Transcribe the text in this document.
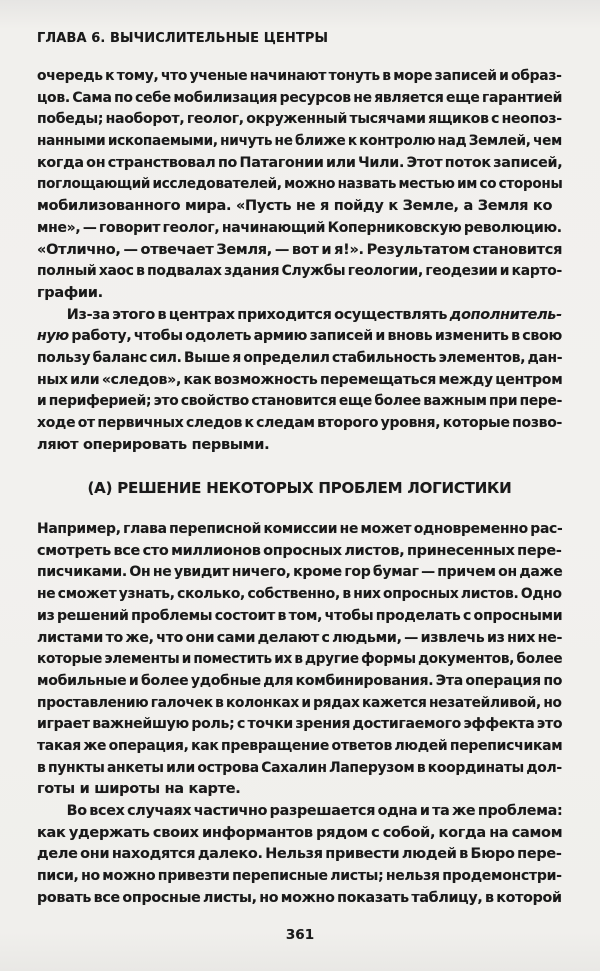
ГЛАВА 6. ВЫЧИСЛИТЕЛЬНЫЕ ЦЕНТРЫ
очередь к тому, что ученые начинают тонуть в море записей и образ-
цов. Сама по себе мобилизация ресурсов не является еще гарантией
победы; наоборот, геолог, окруженный тысячами ящиков с неопоз-
нанными ископаемыми, ничуть не ближе к контролю над Землей, чем
когда он странствовал по Патагонии или Чили. Этот поток записей,
поглощающий исследователей, можно назвать местью им со стороны
мобилизованного мира. «Пусть не я пойду к Земле, а Земля ко
мне», — говорит геолог, начинающий Коперниковскую революцию.
«Отлично, — отвечает Земля, — вот и я!». Результатом становится
полный хаос в подвалах здания Службы геологии, геодезии и карто-
графии.
Из-за этого в центрах приходится осуществлять дополнитель-
ную работу, чтобы одолеть армию записей и вновь изменить в свою
пользу баланс сил. Выше я определил стабильность элементов, дан-
ных или «следов», как возможность перемещаться между центром
и периферией; это свойство становится еще более важным при пере-
ходе от первичных следов к следам второго уровня, которые позво-
ляют оперировать первыми.
(А) РЕШЕНИЕ НЕКОТОРЫХ ПРОБЛЕМ ЛОГИСТИКИ
Например, глава переписной комиссии не может одновременно рас-
смотреть все сто миллионов опросных листов, принесенных пере-
писчиками. Он не увидит ничего, кроме гор бумаг — причем он даже
не сможет узнать, сколько, собственно, в них опросных листов. Одно
из решений проблемы состоит в том, чтобы проделать с опросными
листами то же, что они сами делают с людьми, — извлечь из них не-
которые элементы и поместить их в другие формы документов, более
мобильные и более удобные для комбинирования. Эта операция по
проставлению галочек в колонках и рядах кажется незатейливой, но
играет важнейшую роль; с точки зрения достигаемого эффекта это
такая же операция, как превращение ответов людей переписчикам
в пункты анкеты или острова Сахалин Лаперузом в координаты дол-
готы и широты на карте.
Во всех случаях частично разрешается одна и та же проблема:
как удержать своих информантов рядом с собой, когда на самом
деле они находятся далеко. Нельзя привести людей в Бюро пере-
писи, но можно привезти переписные листы; нельзя продемонстри-
ровать все опросные листы, но можно показать таблицу, в которой
361
